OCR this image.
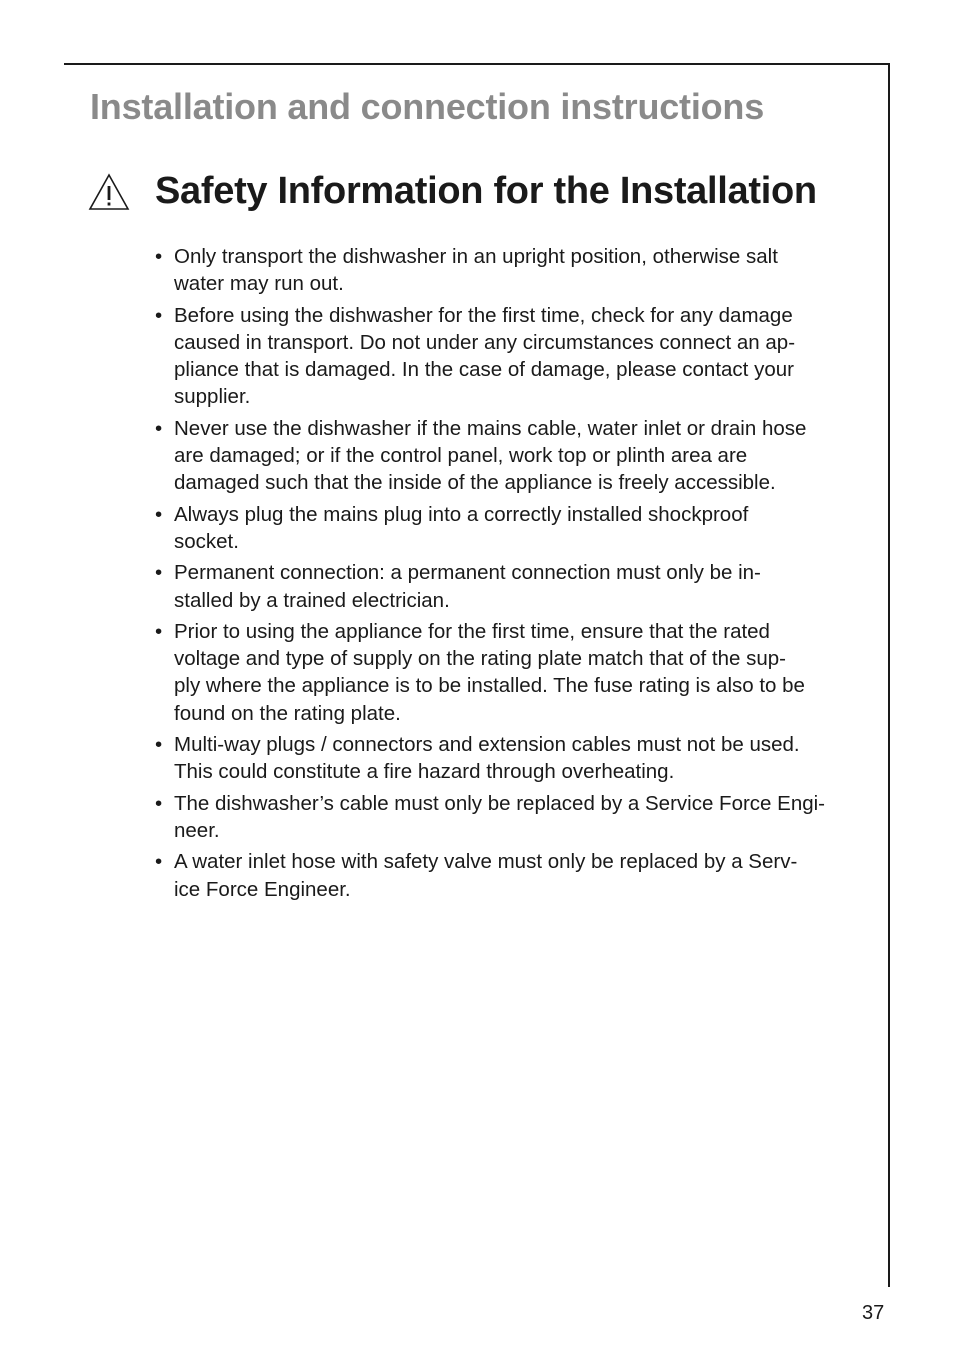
Installation and connection instructions
Safety Information for the Installation
• Only transport the dishwasher in an upright position, otherwise salt
water may run out.
• Before using the dishwasher for the first time, check for any damage
caused in transport. Do not under any circumstances connect an ap-
pliance that is damaged. In the case of damage, please contact your
supplier.
• Never use the dishwasher if the mains cable, water inlet or drain hose
are damaged; or if the control panel, work top or plinth area are
damaged such that the inside of the appliance is freely accessible.
• Always plug the mains plug into a correctly installed shockproof
socket.
• Permanent connection: a permanent connection must only be in-
stalled by a trained electrician.
• Prior to using the appliance for the first time, ensure that the rated
voltage and type of supply on the rating plate match that of the sup-
ply where the appliance is to be installed. The fuse rating is also to be
found on the rating plate.
• Multi-way plugs / connectors and extension cables must not be used.
This could constitute a fire hazard through overheating.
• The dishwasher’s cable must only be replaced by a Service Force Engi-
neer.
• A water inlet hose with safety valve must only be replaced by a Serv-
ice Force Engineer.
37
